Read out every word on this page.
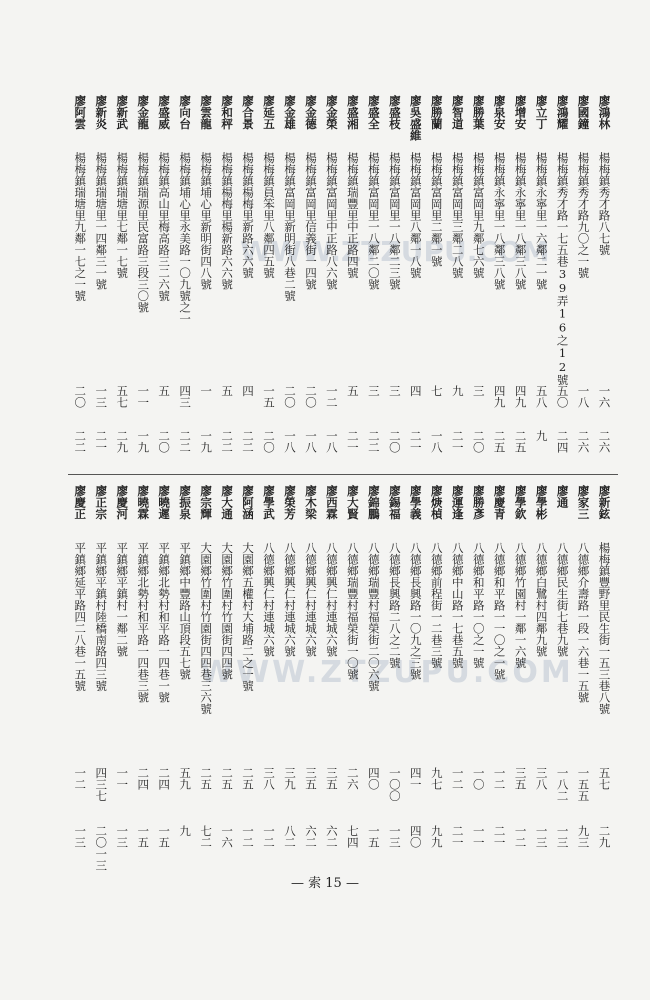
WWW.ZTZUPU.COM
WWW.ZTZUPU.COM
廖鴻林
楊梅鎮秀才路八七號
一六
二六
廖國鐘
楊梅鎮秀才路九〇之一號
一八
二六
廖鴻耀
楊梅鎮秀才路一七五巷39弄16之12號
五〇
二四
廖立丁
楊梅鎮永寧里一六鄰二一號
五八
九
廖增安
楊梅鎮永寧里一八鄰三八號
四九
二五
廖泉安
楊梅鎮永寧里一八鄰三八號
四九
二五
廖勝葉
楊梅鎮富岡里九鄰七六號
三
二〇
廖智道
楊梅鎮富岡里三鄰二八號
九
二一
廖勝蘭
楊梅鎮富岡里二鄰一號
七
一八
廖吳盛維
楊梅鎮富岡里八鄰一八號
四
二一
廖盛枝
楊梅鎮富岡里一八鄰二三號
三
二〇
廖盛全
楊梅鎮富岡里一八鄰二〇號
三
二二
廖盛湘
楊梅鎮瑞豐里中正路四號
五
二一
廖金榮
楊梅鎮富岡里中正路八六號
一二
一八
廖金德
楊梅鎮富岡里信義街一四號
二〇
一八
廖金雄
楊梅鎮富岡里新明街八巷二號
二〇
一八
廖延五
楊梅鎮員笨里八鄰四五號
一五
二〇
廖合景
楊梅鎮楊梅里新路六六號
四
二二
廖和秤
楊梅鎮楊梅里楊新路六六號
五
二二
廖雲龍
楊梅鎮埔心里新明街四八號
一
一九
廖向台
楊梅鎮埔心里永美路一〇九號之一
四三
二二
廖盛威
楊梅鎮高山里梅高路三二六號
五
二〇
廖金龍
楊梅鎮瑞源里民富路三段三〇號
一一
一九
廖新武
楊梅鎮瑞塘里七鄰一七號
五七
二九
廖新炎
楊梅鎮瑞塘里一四鄰三一號
一三
二一
廖阿雲
楊梅鎮瑞塘里九鄰一七之一號
二〇
二二
廖新鉉
楊梅鎮豐野里民生街一五三巷八號
五七
二九
廖家三
八德鄉介壽路一段一六巷一五號
一五五
九三
廖通
八德鄉民生街七巷九號
一八二
一三
廖學彬
八德鄉白鷺村四鄰九號
三八
一三
廖學欽
八德鄉竹園村一鄰一六號
三五
一二
廖慶青
八德鄉和平路一一〇之一號
一二
二一
廖勝彥
八德鄉和平路一〇之一號
一〇
一一
廖運逢
八德鄉中山路一七巷五號
一二
二一
廖焿楨
八德鄉前程街一二巷三號
九七
九九
廖學義
八德鄉長興路一〇九之三號
四一
四〇
廖錫福
八德鄉長興路二八之二號
一〇〇
一三
廖錦鵬
八德鄉瑞豐村福榮街二〇六號
四〇
一五
廖大賢
八德鄉瑞豐村福榮街一〇號
二六
七四
廖西霖
八德鄉興仁村連城六號
三五
六二
廖木梁
八德鄉興仁村連城六號
三五
六二
廖榮芳
八德鄉興仁村連城六號
三九
八二
廖學武
八德鄉興仁村連城六號
三八
一二
廖阿涵
大園鄉五權村大埔路二之一號
二五
一二
廖大通
大園鄉竹圍村竹園街四四號
二五
一六
廖宗輝
大園鄉竹圍村竹園街四四巷三六號
二五
七二
廖振泉
平鎮鄉中豐路山頂段五七號
五九
九
廖曉遲
平鎮鄉北勢村和平路一四巷一號
二四
一五
廖曉霖
平鎮鄉北勢村和平路一四巷三號
二四
一五
廖慶河
平鎮鄉平鎮村一鄰二號
一一
一三
廖正宗
平鎮鄉平鎮村陸橋南路四三號
四三七
二〇一三
廖慶正
平鎮鄉延平路四二八巷一五號
一二
一三
— 索 15 —
